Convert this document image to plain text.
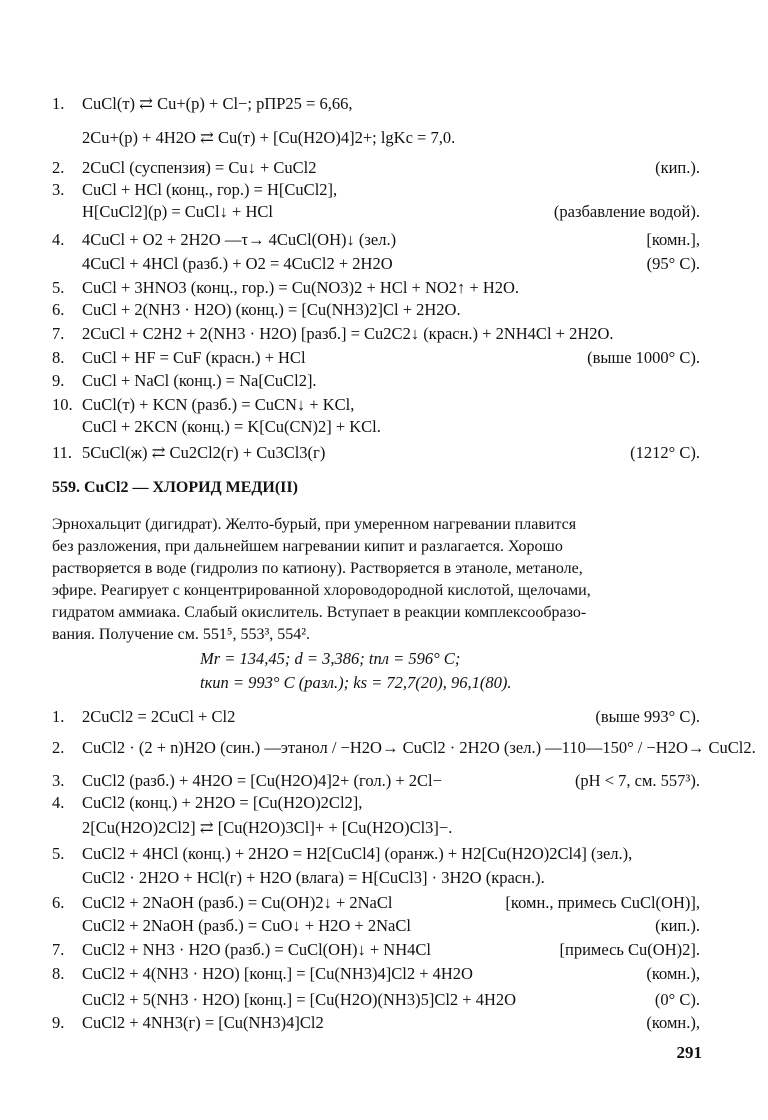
1.	CuCl(т) ⇄ Cu+(р) + Cl−; pПР25 = 6,66,
2Cu+(р) + 4H2O ⇄ Cu(т) + [Cu(H2O)4]2+; lgKc = 7,0.
2.	2CuCl (суспензия) = Cu↓ + CuCl2	(кип.).
3.	CuCl + HCl (конц., гор.) = H[CuCl2],
H[CuCl2](р) = CuCl↓ + HCl	(разбавление водой).
4.	4CuCl + O2 + 2H2O —τ→ 4CuCl(OH)↓ (зел.)	[комн.],
4CuCl + 4HCl (разб.) + O2 = 4CuCl2 + 2H2O	(95° C).
5.	CuCl + 3HNO3 (конц., гор.) = Cu(NO3)2 + HCl + NO2↑ + H2O.
6.	CuCl + 2(NH3 · H2O) (конц.) = [Cu(NH3)2]Cl + 2H2O.
7.	2CuCl + C2H2 + 2(NH3 · H2O) [разб.] = Cu2C2↓ (красн.) + 2NH4Cl + 2H2O.
8.	CuCl + HF = CuF (красн.) + HCl	(выше 1000° C).
9.	CuCl + NaCl (конц.) = Na[CuCl2].
10. CuCl(т) + KCN (разб.) = CuCN↓ + KCl,
CuCl + 2KCN (конц.) = K[Cu(CN)2] + KCl.
11. 5CuCl(ж) ⇄ Cu2Cl2(г) + Cu3Cl3(г)	(1212° C).
559. CuCl2 — ХЛОРИД МЕДИ(II)
Эрнохальцит (дигидрат). Желто-бурый, при умеренном нагревании плавится
без разложения, при дальнейшем нагревании кипит и разлагается. Хорошо
растворяется в воде (гидролиз по катиону). Растворяется в этаноле, метаноле,
эфире. Реагирует с концентрированной хлороводородной кислотой, щелочами,
гидратом аммиака. Слабый окислитель. Вступает в реакции комплексообразо-
вания. Получение см. 551⁵, 553³, 554².
Mr = 134,45; d = 3,386; tпл = 596° C;
tкип = 993° C (разл.); ks = 72,7(20), 96,1(80).
1.	2CuCl2 = 2CuCl + Cl2	(выше 993° C).
2.	CuCl2 · (2 + n)H2O (син.) —этанол / −H2O→ CuCl2 · 2H2O (зел.) —110—150° / −H2O→ CuCl2.
3.	CuCl2 (разб.) + 4H2O = [Cu(H2O)4]2+ (гол.) + 2Cl−	(pH < 7, см. 557³).
4.	CuCl2 (конц.) + 2H2O = [Cu(H2O)2Cl2],
2[Cu(H2O)2Cl2] ⇄ [Cu(H2O)3Cl]+ + [Cu(H2O)Cl3]−.
5.	CuCl2 + 4HCl (конц.) + 2H2O = H2[CuCl4] (оранж.) + H2[Cu(H2O)2Cl4] (зел.),
CuCl2 · 2H2O + HCl(г) + H2O (влага) = H[CuCl3] · 3H2O (красн.).
6.	CuCl2 + 2NaOH (разб.) = Cu(OH)2↓ + 2NaCl	[комн., примесь CuCl(OH)],
CuCl2 + 2NaOH (разб.) = CuO↓ + H2O + 2NaCl	(кип.).
7.	CuCl2 + NH3 · H2O (разб.) = CuCl(OH)↓ + NH4Cl	[примесь Cu(OH)2].
8.	CuCl2 + 4(NH3 · H2O) [конц.] = [Cu(NH3)4]Cl2 + 4H2O	(комн.),
CuCl2 + 5(NH3 · H2O) [конц.] = [Cu(H2O)(NH3)5]Cl2 + 4H2O	(0° C).
9.	CuCl2 + 4NH3(г) = [Cu(NH3)4]Cl2	(комн.),
291
